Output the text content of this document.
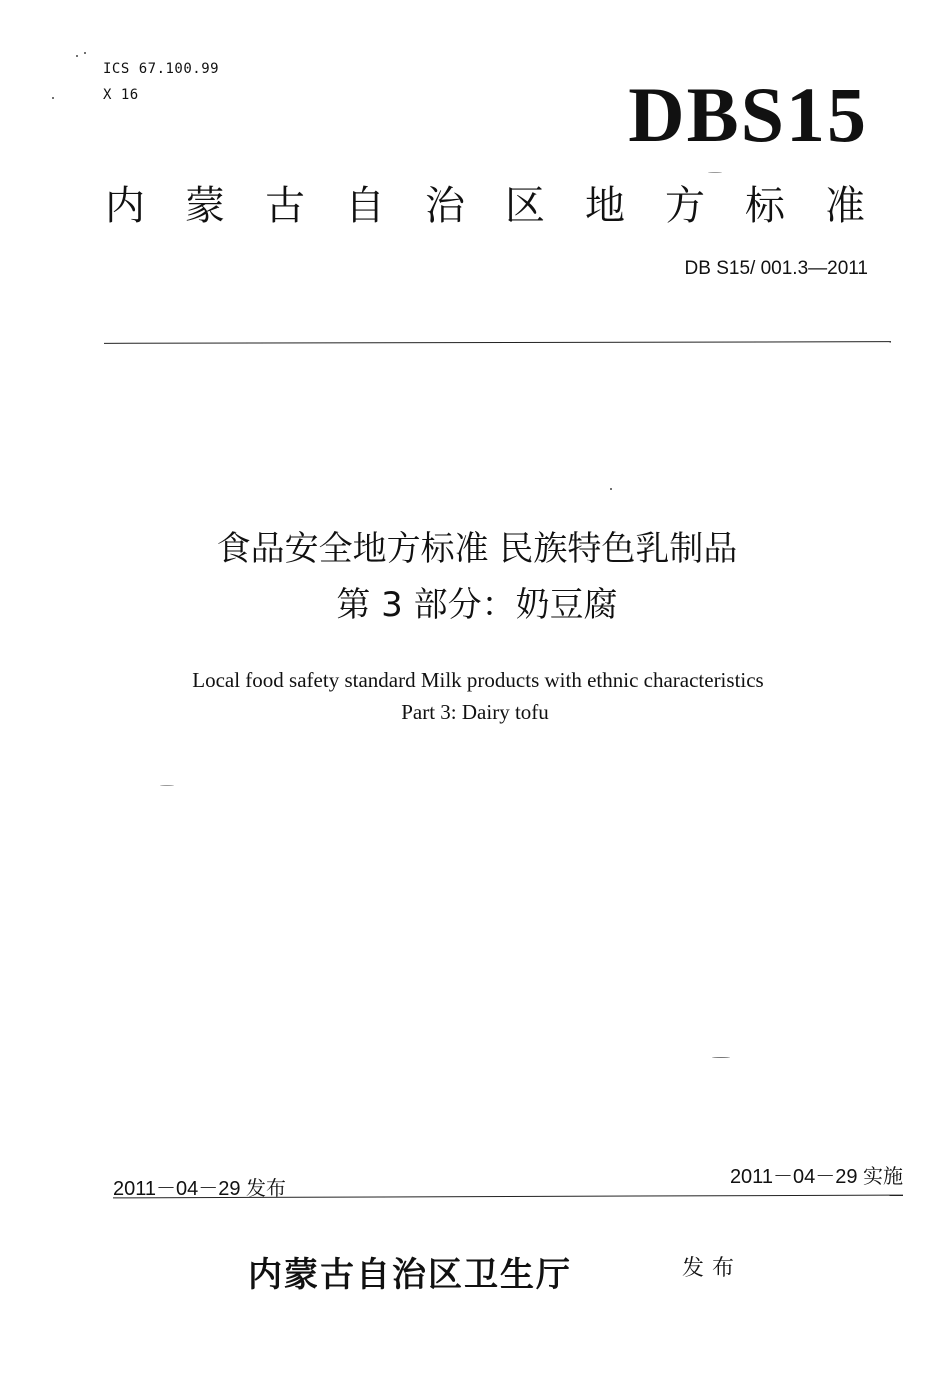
ICS 67.100.99
X 16	DBS15
内蒙古自治区地方标准
DB S15/ 001.3—2011
食品安全地方标准 民族特色乳制品
第 3 部分：奶豆腐
Local food safety standard Milk products with ethnic characteristics
Part 3: Dairy tofu
2011－04－29 发布
2011－04－29 实施
内蒙古自治区卫生厅	发布
